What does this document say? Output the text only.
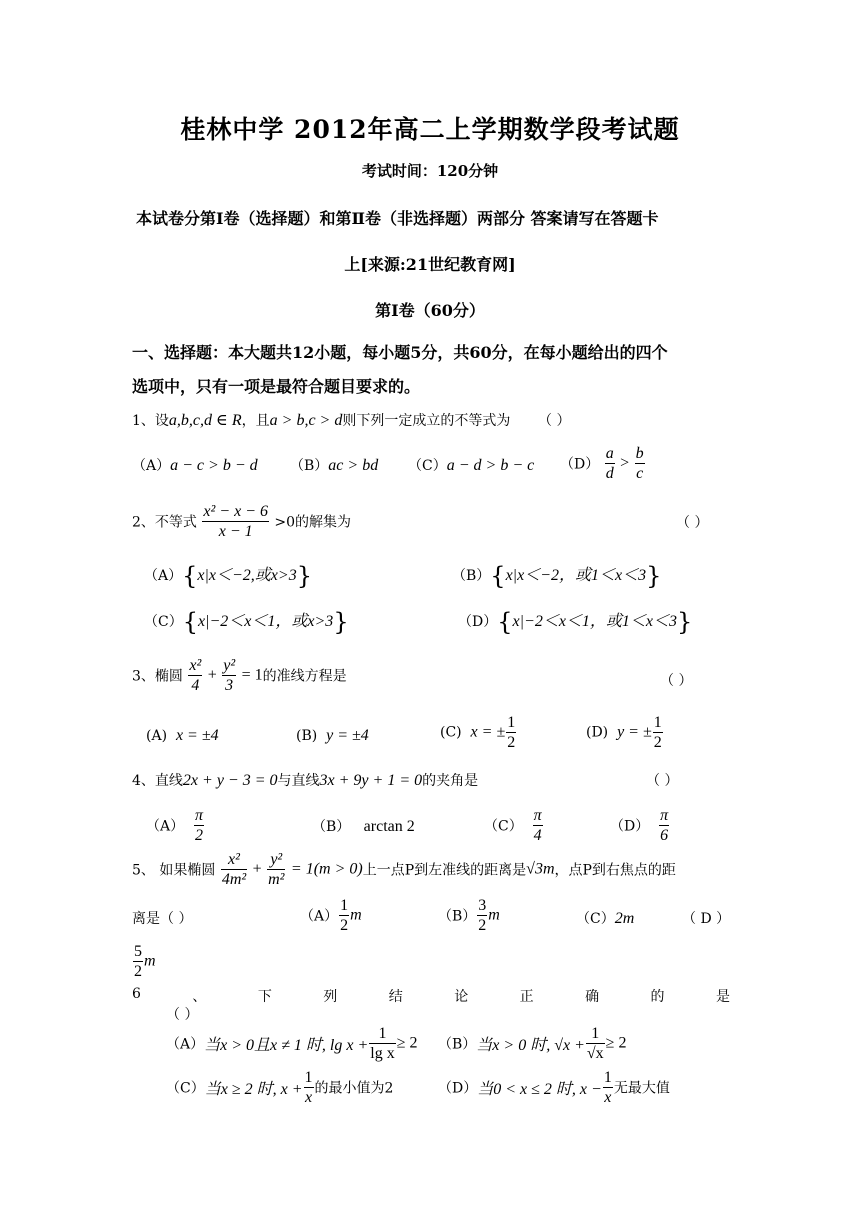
桂林中学 2012年高二上学期数学段考试题
考试时间：120分钟
本试卷分第Ⅰ卷（选择题）和第Ⅱ卷（非选择题）两部分 答案请写在答题卡
上[来源:21世纪教育网]
第Ⅰ卷（60分）
一、选择题：本大题共12小题，每小题5分，共60分，在每小题给出的四个
选项中，只有一项是最符合题目要求的。
1、设a,b,c,d ∈ R，且a > b,c > d则下列一定成立的不等式为 （ ）
（A）a − c > b − d （B）ac > bd （C）a − d > b − c $(D) \frac{a}{d} > \frac{b}{c}$
2、不等式 $\frac{\text{x² − x − 6}}{x - 1} >0$的解集为	（ ）
（A）{x|x＜−2,或x>3}	（B）{x|x＜−2，或1＜x＜3}
（C）{x|−2＜x＜1，或x>3}	（D）{x|−2＜x＜1，或1＜x＜3}
3、椭圆 $\frac{\text{x²}}{4} + \frac{\text{y²}}{3} = 1$的准线方程是	（ ）
(A) x = ±4	(B) y = ±4	(C) x = ± $\frac{1}{2}$	(D) y = ± $\frac{1}{2}$
4、直线2x + y − 3 = 0与直线3x + 9y + 1 = 0的夹角是	（ ）
$(A) \frac{\pi}{2}$	（B） arctan 2	$(C) \frac{\pi}{4}$	$(D) \frac{\pi}{6}$
5、 如果椭圆 $\frac{\text{x²}}{\text{4m²}} + \frac{\text{y²}}{\text{m²}} = 1(m > 0)$上一点P到左准线的距离是√3m，点P到右焦点的距
离是（ ）	$(A) \frac{1}{2}$ m	$(B) \frac{3}{2}$ m	（C）2m	（ D ）
$\frac{5}{2}$ m
6	、	下	列	结	论	正	确	的	是
（ ）
（A）当x > 0且x ≠ 1 时, $\lg x + \frac{1}{\text{lg x}} \ge 2$ （B）当x > 0 时, $√x + \frac{1}{√x} \ge 2$
（C）当x ≥ 2 时, $x + \frac{1}{x}$ 的最小值为2	（D）当0 < x ≤ 2 时, $x - \frac{1}{x}$ 无最大值
